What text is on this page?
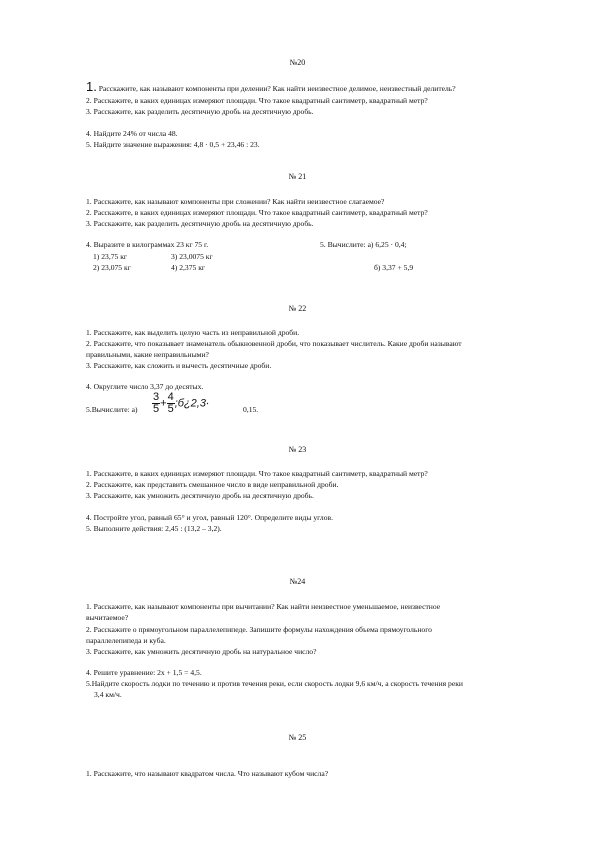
№20
1. Расскажите, как называют компоненты при делении? Как найти неизвестное делимое, неизвестный делитель?
2. Расскажите, в каких единицах измеряют площади. Что такое квадратный сантиметр, квадратный метр?
3. Расскажите, как разделить десятичную дробь на десятичную дробь.
4. Найдите 24% от числа 48.
5. Найдите значение выражения: 4,8 · 0,5 + 23,46 : 23.
№ 21
1. Расскажите, как называют компоненты при сложении? Как найти неизвестное слагаемое?
2. Расскажите, в каких единицах измеряют площади. Что такое квадратный сантиметр, квадратный метр?
3. Расскажите, как разделить десятичную дробь на десятичную дробь.
4. Выразите в килограммах 23 кг 75 г.	5. Вычислите: а) 6,25 · 0,4;
1) 23,75 кг	3) 23,0075 кг
2) 23,075 кг	4) 2,375 кг	б) 3,37 + 5,9
№ 22
1. Расскажите, как выделить целую часть из неправильной дроби.
2. Расскажите, что показывает знаменатель обыкновенной дроби, что показывает числитель. Какие дроби называют
правильными, какие неправильными?
3. Расскажите, как сложить и вычесть десятичные дроби.
4. Округлите число 3,37 до десятых.
5.Вычислите: $а) \frac{3}{5} + \frac{4}{5}$ ;б¿2,3∙	0,15.
№ 23
1. Расскажите, в каких единицах измеряют площади. Что такое квадратный сантиметр, квадратный метр?
2. Расскажите, как представить смешанное число в виде неправильной дроби.
3. Расскажите, как умножить десятичную дробь на десятичную дробь.
4. Постройте угол, равный 65° и угол, равный 120°. Определите виды углов.
5. Выполните действия: 2,45 : (13,2 – 3,2).
№24
1. Расскажите, как называют компоненты при вычитании? Как найти неизвестное уменьшаемое, неизвестное
вычитаемое?
2. Расскажите о прямоугольном параллелепипеде. Запишите формулы нахождения объема прямоугольного
параллелепипеда и куба.
3. Расскажите, как умножить десятичную дробь на натуральное число?
4. Решите уравнение: 2х + 1,5 = 4,5.
5.Найдите скорость лодки по течению и против течения реки, если скорость лодки 9,6 км/ч, а скорость течения реки
3,4 км/ч.
№ 25
1. Расскажите, что называют квадратом числа. Что называют кубом числа?
